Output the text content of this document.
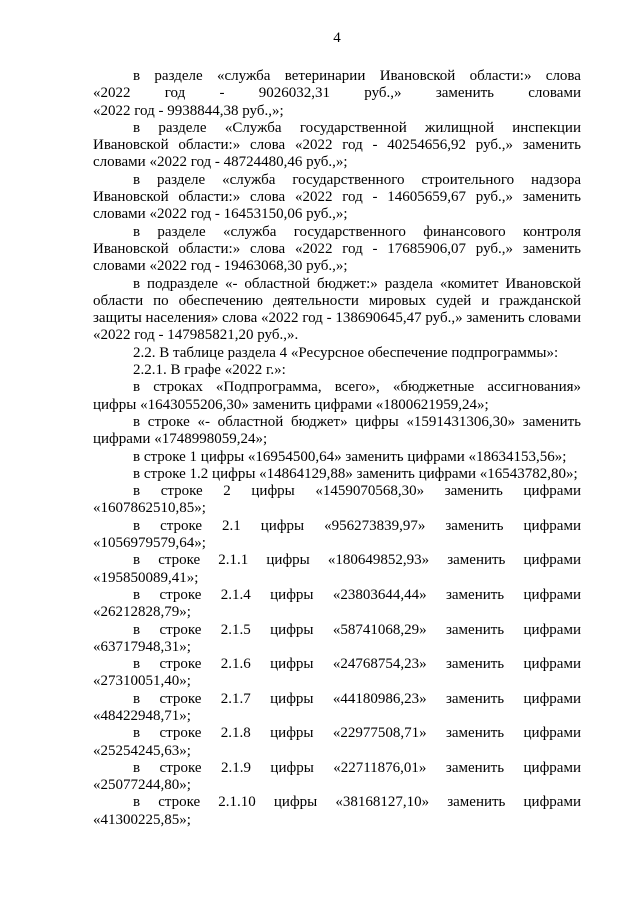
4
в разделе «служба ветеринарии Ивановской области:» слова
«2022 год - 9026032,31 руб.,» заменить словами

«2022 год - 9938844,38 руб.,»;

в разделе «Служба государственной жилищной инспекции Ивановской области:» слова «2022 год - 40254656,92 руб.,» заменить словами «2022 год - 48724480,46 руб.,»;

в разделе «служба государственного строительного надзора Ивановской области:» слова «2022 год - 14605659,67 руб.,» заменить словами «2022 год - 16453150,06 руб.,»;

в разделе «служба государственного финансового контроля Ивановской области:» слова «2022 год - 17685906,07 руб.,» заменить словами «2022 год - 19463068,30 руб.,»;

в подразделе «- областной бюджет:» раздела «комитет Ивановской области по обеспечению деятельности мировых судей и гражданской защиты населения» слова «2022 год - 138690645,47 руб.,» заменить словами «2022 год - 147985821,20 руб.,».

2.2. В таблице раздела 4 «Ресурсное обеспечение подпрограммы»:

2.2.1. В графе «2022 г.»:

в строках «Подпрограмма, всего», «бюджетные ассигнования» цифры «1643055206,30» заменить цифрами «1800621959,24»;

в строке «- областной бюджет» цифры «1591431306,30» заменить цифрами «1748998059,24»;

в строке 1 цифры «16954500,64» заменить цифрами «18634153,56»;

в строке 1.2 цифры «14864129,88» заменить цифрами «16543782,80»;

в строке 2 цифры «1459070568,30» заменить цифрами

«1607862510,85»;

в строке 2.1 цифры «956273839,97» заменить цифрами

«1056979579,64»;

в строке 2.1.1 цифры «180649852,93» заменить цифрами

«195850089,41»;

в строке 2.1.4 цифры «23803644,44» заменить цифрами

«26212828,79»;

в строке 2.1.5 цифры «58741068,29» заменить цифрами

«63717948,31»;

в строке 2.1.6 цифры «24768754,23» заменить цифрами

«27310051,40»;

в строке 2.1.7 цифры «44180986,23» заменить цифрами

«48422948,71»;

в строке 2.1.8 цифры «22977508,71» заменить цифрами

«25254245,63»;

в строке 2.1.9 цифры «22711876,01» заменить цифрами

«25077244,80»;

в строке 2.1.10 цифры «38168127,10» заменить цифрами

«41300225,85»;
